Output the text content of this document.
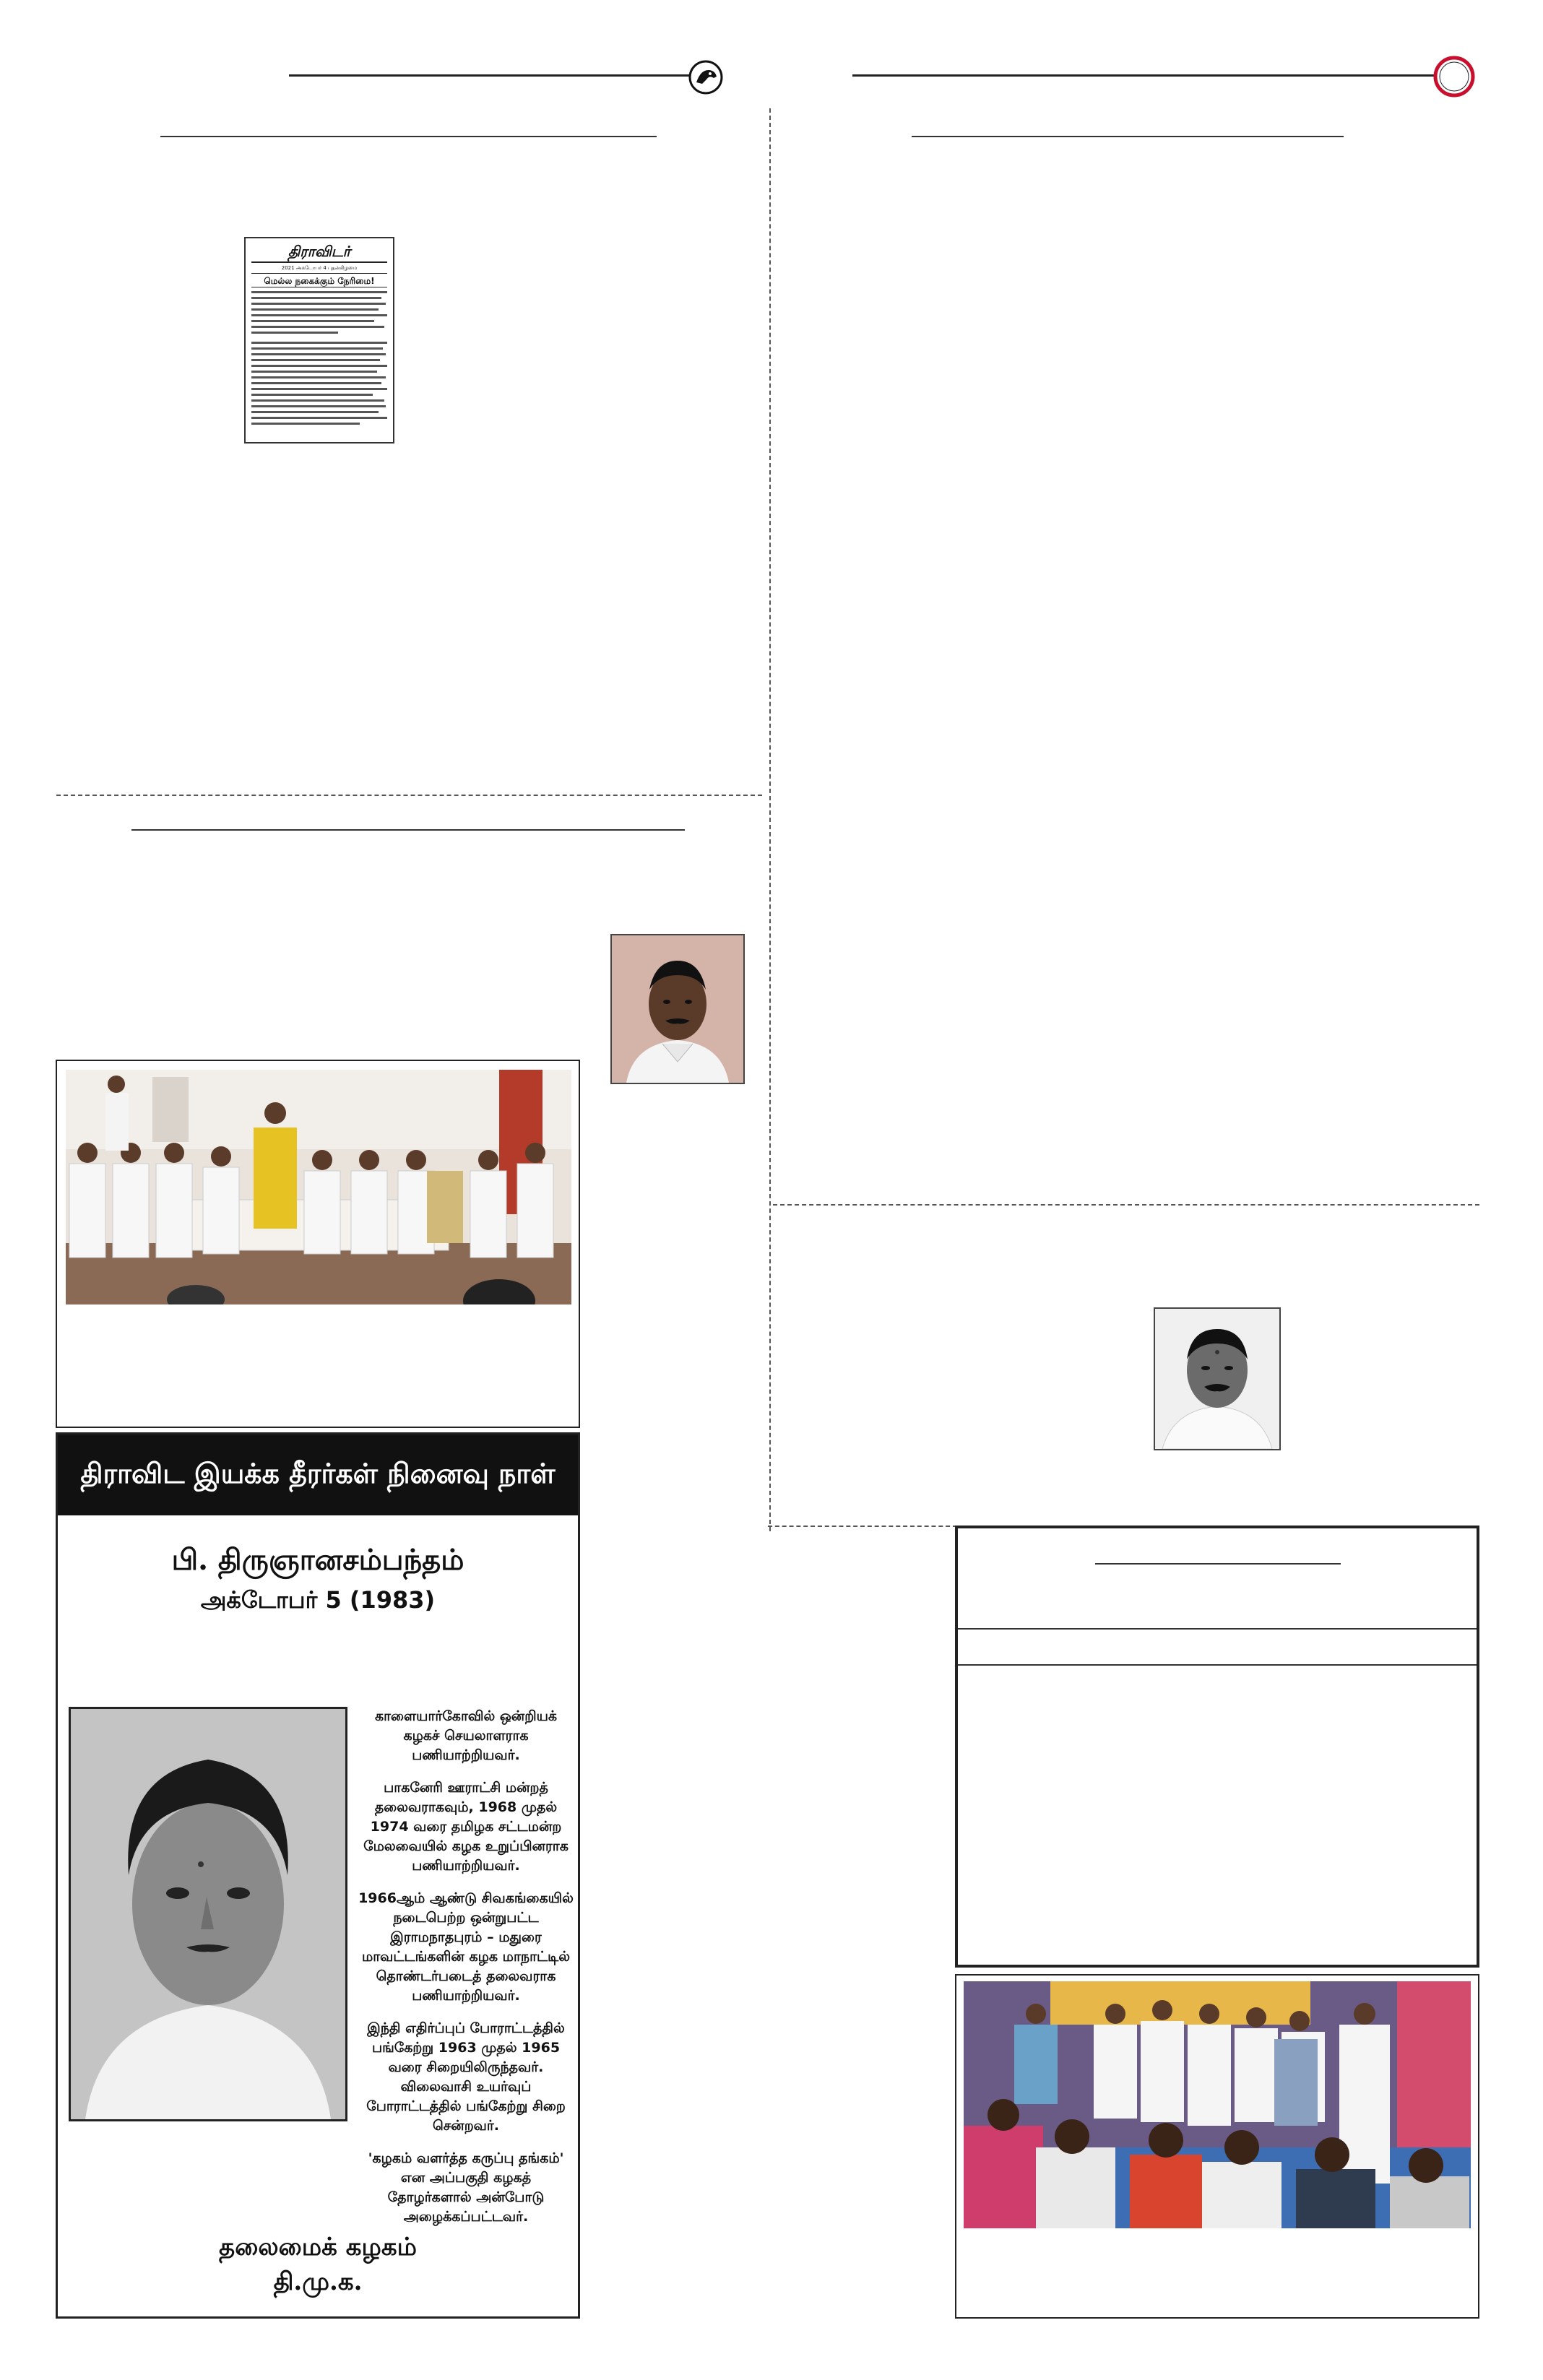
திராவிடர்
2021 அக்டோபர் 4 புதன்கிழமை
மெல்ல நகைக்கும் நேரிமை!
திராவிட இயக்க தீரர்கள் நினைவு நாள்
பி. திருஞானசம்பந்தம்
அக்டோபர் 5 (1983)

காளையார்கோவில் ஒன்றியக் கழகச் செயலாளராக பணியாற்றியவர்.

பாகனேரி ஊராட்சி மன்றத் தலைவராகவும், 1968 முதல் 1974 வரை தமிழக சட்டமன்ற மேலவையில் கழக உறுப்பினராக பணியாற்றியவர்.

1966ஆம் ஆண்டு சிவகங்கையில் நடைபெற்ற ஒன்றுபட்ட இராமநாதபுரம் – மதுரை மாவட்டங்களின் கழக மாநாட்டில் தொண்டர்படைத் தலைவராக பணியாற்றியவர்.

இந்தி எதிர்ப்புப் போராட்டத்தில் பங்கேற்று 1963 முதல் 1965 வரை சிறையிலிருந்தவர். விலைவாசி உயர்வுப் போராட்டத்தில் பங்கேற்று சிறை சென்றவர்.

'கழகம் வளர்த்த கருப்பு தங்கம்' என அப்பகுதி கழகத் தோழர்களால் அன்போடு அழைக்கப்பட்டவர்.

தலைமைக் கழகம்
தி.மு.க.
